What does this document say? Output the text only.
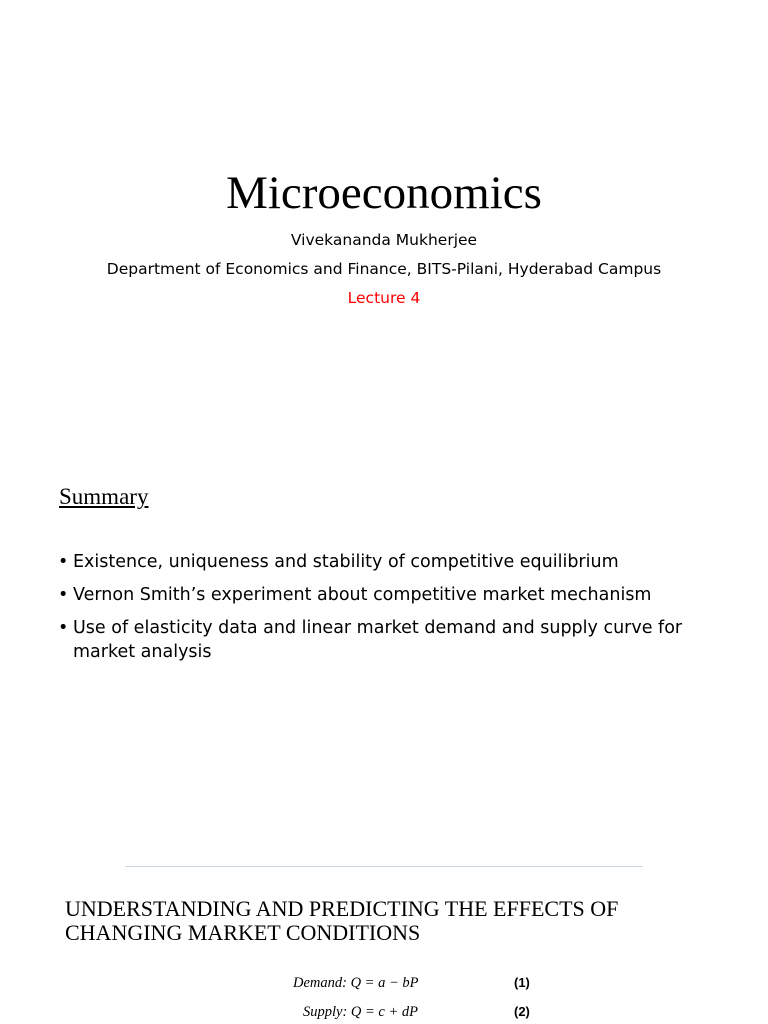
Microeconomics
Vivekananda Mukherjee
Department of Economics and Finance, BITS-Pilani, Hyderabad Campus
Lecture 4
Summary
• Existence, uniqueness and stability of competitive equilibrium
• Vernon Smith’s experiment about competitive market mechanism
• Use of elasticity data and linear market demand and supply curve for market analysis
UNDERSTANDING AND PREDICTING THE EFFECTS OF CHANGING MARKET CONDITIONS
Demand: Q = a − bP	(1)
Supply: Q = c + dP	(2)
